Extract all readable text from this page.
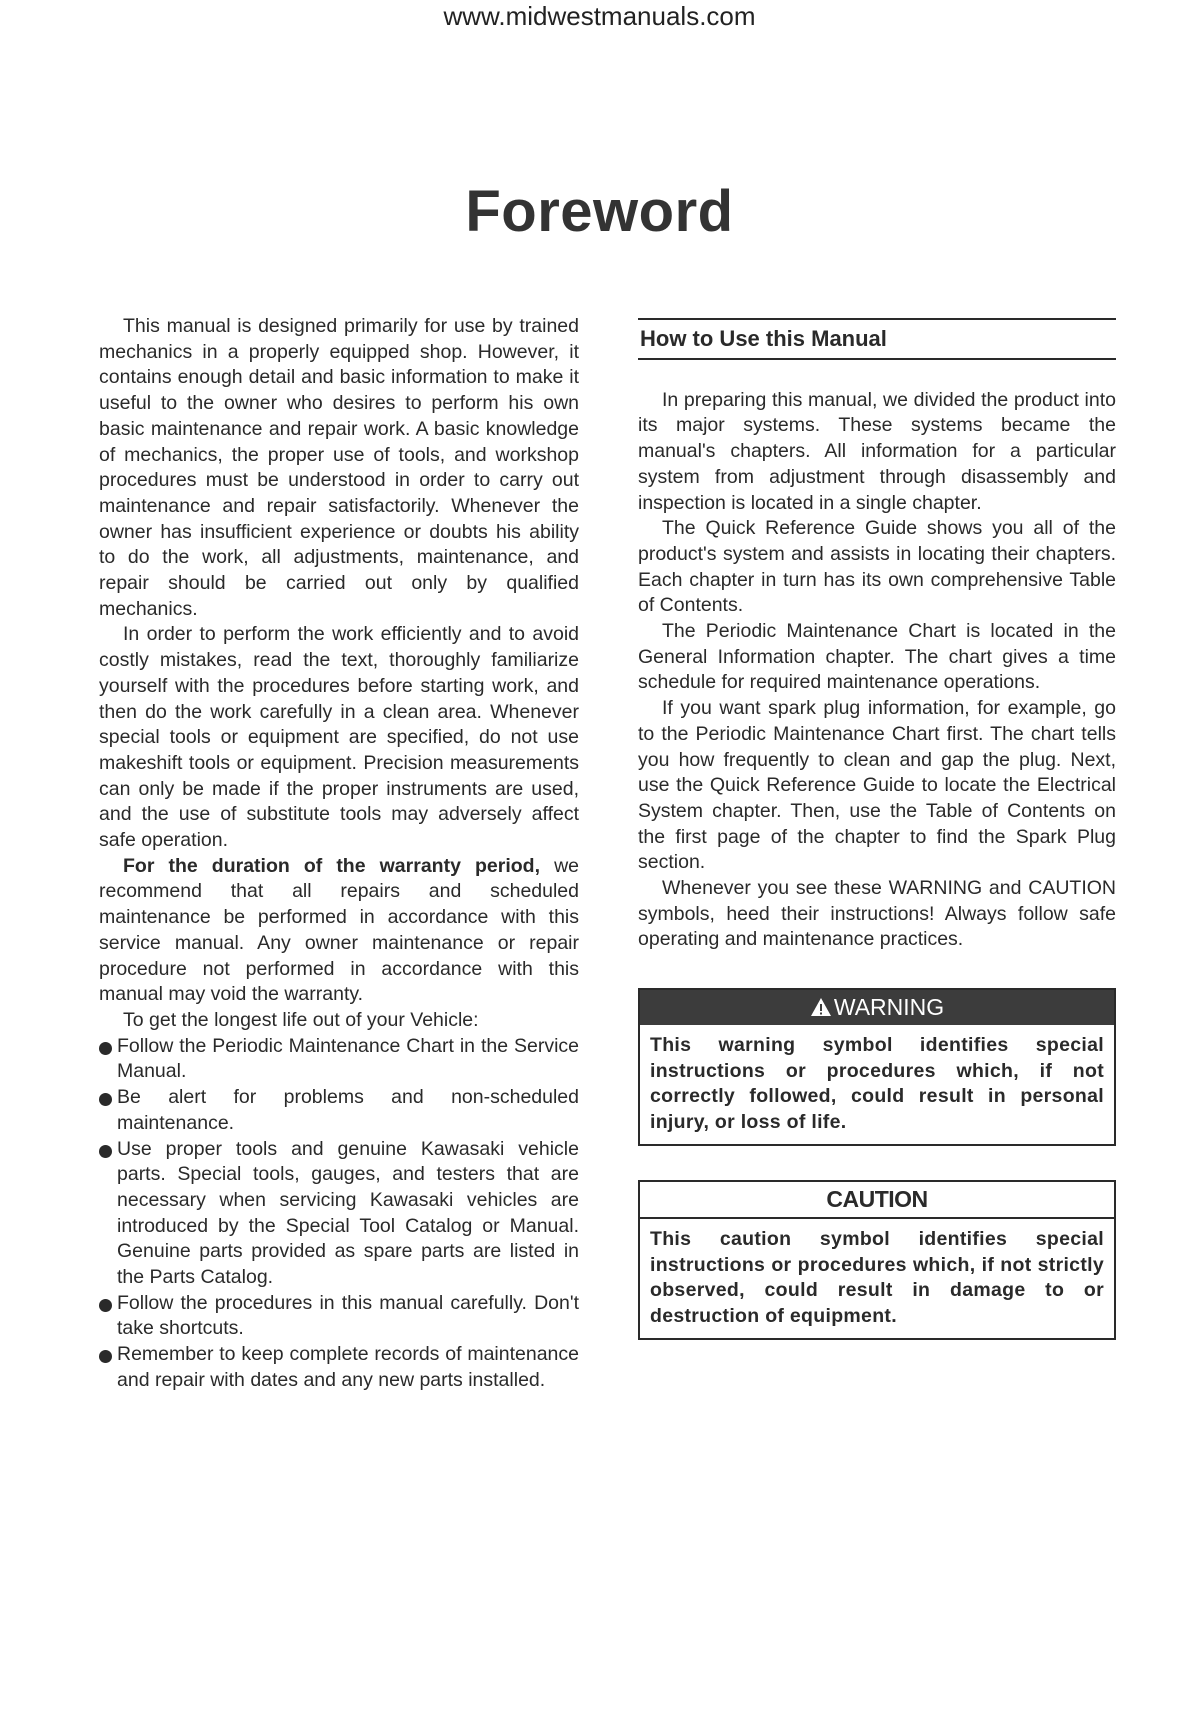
www.midwestmanuals.com
Foreword

This manual is designed primarily for use by trained mechanics in a properly equipped shop. However, it contains enough detail and basic information to make it useful to the owner who desires to perform his own basic maintenance and repair work. A basic knowledge of mechanics, the proper use of tools, and workshop procedures must be understood in order to carry out maintenance and repair satisfactorily. Whenever the owner has insufficient experience or doubts his ability to do the work, all adjustments, maintenance, and repair should be carried out only by qualified mechanics.

In order to perform the work efficiently and to avoid costly mistakes, read the text, thoroughly familiarize yourself with the procedures before starting work, and then do the work carefully in a clean area. Whenever special tools or equipment are specified, do not use makeshift tools or equipment. Precision measurements can only be made if the proper instruments are used, and the use of substitute tools may adversely affect safe operation.

For the duration of the warranty period, we recommend that all repairs and scheduled maintenance be performed in accordance with this service manual. Any owner maintenance or repair procedure not performed in accordance with this manual may void the warranty.

To get the longest life out of your Vehicle:

Follow the Periodic Maintenance Chart in the Service Manual.
Be alert for problems and non-scheduled maintenance.
Use proper tools and genuine Kawasaki vehicle parts. Special tools, gauges, and testers that are necessary when servicing Kawasaki vehicles are introduced by the Special Tool Catalog or Manual. Genuine parts provided as spare parts are listed in the Parts Catalog.
Follow the procedures in this manual carefully. Don't take shortcuts.
Remember to keep complete records of maintenance and repair with dates and any new parts installed.
How to Use this Manual

In preparing this manual, we divided the product into its major systems. These systems became the manual's chapters. All information for a particular system from adjustment through disassembly and inspection is located in a single chapter.

The Quick Reference Guide shows you all of the product's system and assists in locating their chapters. Each chapter in turn has its own comprehensive Table of Contents.

The Periodic Maintenance Chart is located in the General Information chapter. The chart gives a time schedule for required maintenance operations.

If you want spark plug information, for example, go to the Periodic Maintenance Chart first. The chart tells you how frequently to clean and gap the plug. Next, use the Quick Reference Guide to locate the Electrical System chapter. Then, use the Table of Contents on the first page of the chapter to find the Spark Plug section.

Whenever you see these WARNING and CAUTION symbols, heed their instructions! Always follow safe operating and maintenance practices.

WARNING
This warning symbol identifies special instructions or procedures which, if not correctly followed, could result in personal injury, or loss of life.
CAUTION
This caution symbol identifies special instructions or procedures which, if not strictly observed, could result in damage to or destruction of equipment.
